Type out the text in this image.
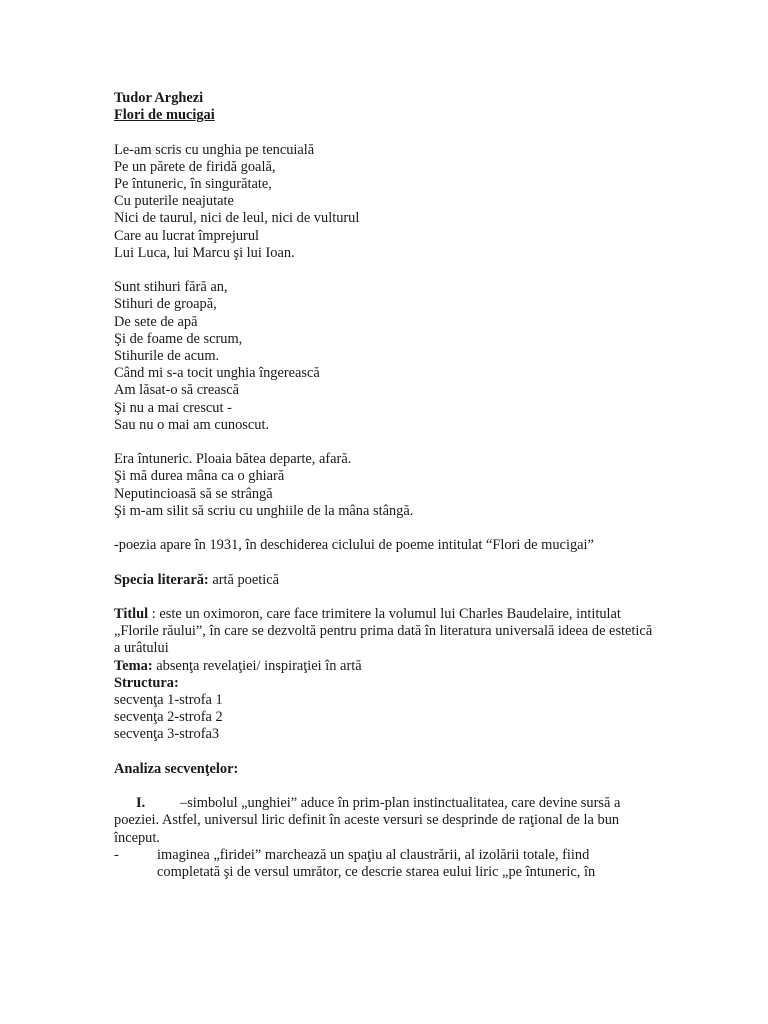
Tudor Arghezi
Flori de mucigai
Le-am scris cu unghia pe tencuială
Pe un părete de firidă goală,
Pe întuneric, în singurătate,
Cu puterile neajutate
Nici de taurul, nici de leul, nici de vulturul
Care au lucrat împrejurul
Lui Luca, lui Marcu şi lui Ioan.
Sunt stihuri fără an,
Stihuri de groapă,
De sete de apă
Şi de foame de scrum,
Stihurile de acum.
Când mi s-a tocit unghia îngerească
Am lăsat-o să crească
Şi nu a mai crescut -
Sau nu o mai am cunoscut.
Era întuneric. Ploaia bătea departe, afară.
Şi mă durea mâna ca o ghiară
Neputincioasă să se strângă
Şi m-am silit să scriu cu unghiile de la mâna stângă.
-poezia apare în 1931, în deschiderea ciclului de poeme intitulat “Flori de mucigai”
Specia literară: artă poetică
Titlul : este un oximoron, care face trimitere la volumul lui Charles Baudelaire, intitulat „Florile răului”, în care se dezvoltă pentru prima dată în literatura universală ideea de estetică a urâtului
Tema: absenţa revelaţiei/ inspiraţiei în artă
Structura:
secvenţa 1-strofa 1
secvenţa 2-strofa 2
secvenţa 3-strofa3
Analiza secvenţelor:
I. –simbolul „unghiei” aduce în prim-plan instinctualitatea, care devine sursă a
poeziei. Astfel, universul liric definit în aceste versuri se desprinde de raţional de la bun început.
-	imaginea „firidei” marchează un spaţiu al claustrării, al izolării totale, fiind completată şi de versul umrător, ce descrie starea eului liric „pe întuneric, în
